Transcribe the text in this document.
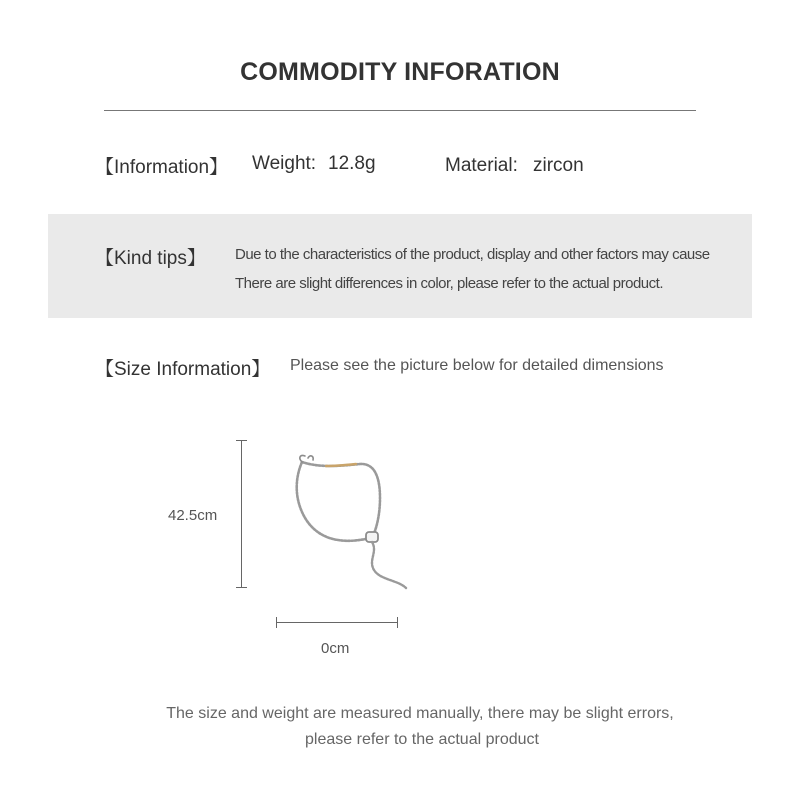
COMMODITY INFORATION
【Information】 Weight: 12.8g	Material: zircon
【Kind tips】 Due to the characteristics of the product, display and other factors may cause
There are slight differences in color, please refer to the actual product.
【Size Information】 Please see the picture below for detailed dimensions
42.5cm
0cm
The size and weight are measured manually, there may be slight errors,
please refer to the actual product
